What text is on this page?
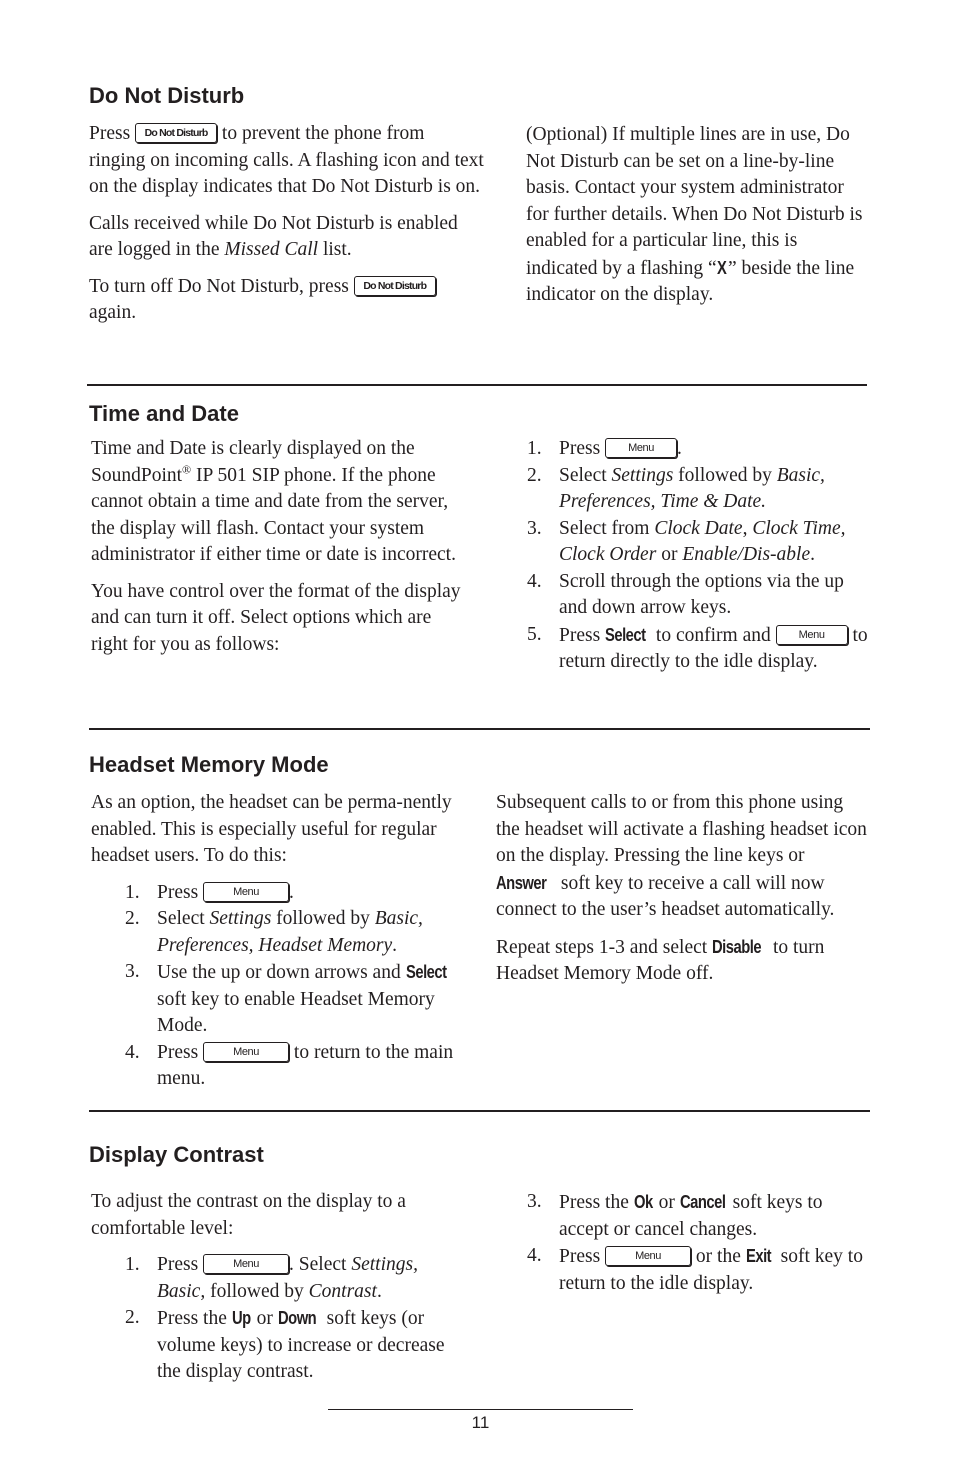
Do Not Disturb

Press Do Not Disturb to prevent the phone from ringing on incoming calls. A flashing icon and text on the display indicates that Do Not Disturb is on.

Calls received while Do Not Disturb is enabled are logged in the Missed Call list.

To turn off Do Not Disturb, press Do Not Disturb again.

(Optional) If multiple lines are in use, Do Not Disturb can be set on a line-by-line basis. Contact your system administrator for further details. When Do Not Disturb is enabled for a particular line, this is indicated by a flashing “X ” beside the line indicator on the display.

Time and Date

Time and Date is clearly displayed on the SoundPoint® IP 501 SIP phone. If the phone cannot obtain a time and date from the server, the display will flash. Contact your system administrator if either time or date is incorrect.

You have control over the format of the display and can turn it off. Select options which are right for you as follows:

1. Press	Menu .
2. Select Settings followed by Basic, Preferences, Time & Date.
3. Select from Clock Date, Clock Time, Clock Order or Enable/Dis-able.
4. Scroll through the options via the up and down arrow keys.
5. Press Select to confirm and	Menu to return directly to the idle display.
Headset Memory Mode

As an option, the headset can be perma-nently enabled. This is especially useful for regular headset users. To do this:

1. Press	Menu .
2. Select Settings followed by Basic, Preferences, Headset Memory.
3. Use the up or down arrows and Select soft key to enable Headset Memory Mode.
4. Press	Menu to return to the main menu.

Subsequent calls to or from this phone using the headset will activate a flashing headset icon on the display. Pressing the line keys or Answer soft key to receive a call will now connect to the user’s headset automatically.

Repeat steps 1-3 and select Disable to turn Headset Memory Mode off.

Display Contrast

To adjust the contrast on the display to a comfortable level:

1. Press	Menu . Select Settings, Basic, followed by Contrast.
2. Press the Up or Down soft keys (or volume keys) to increase or decrease the display contrast.
3. Press the Ok or Cancel soft keys to accept or cancel changes.
4. Press	Menu or the Exit soft key to return to the idle display.
11
